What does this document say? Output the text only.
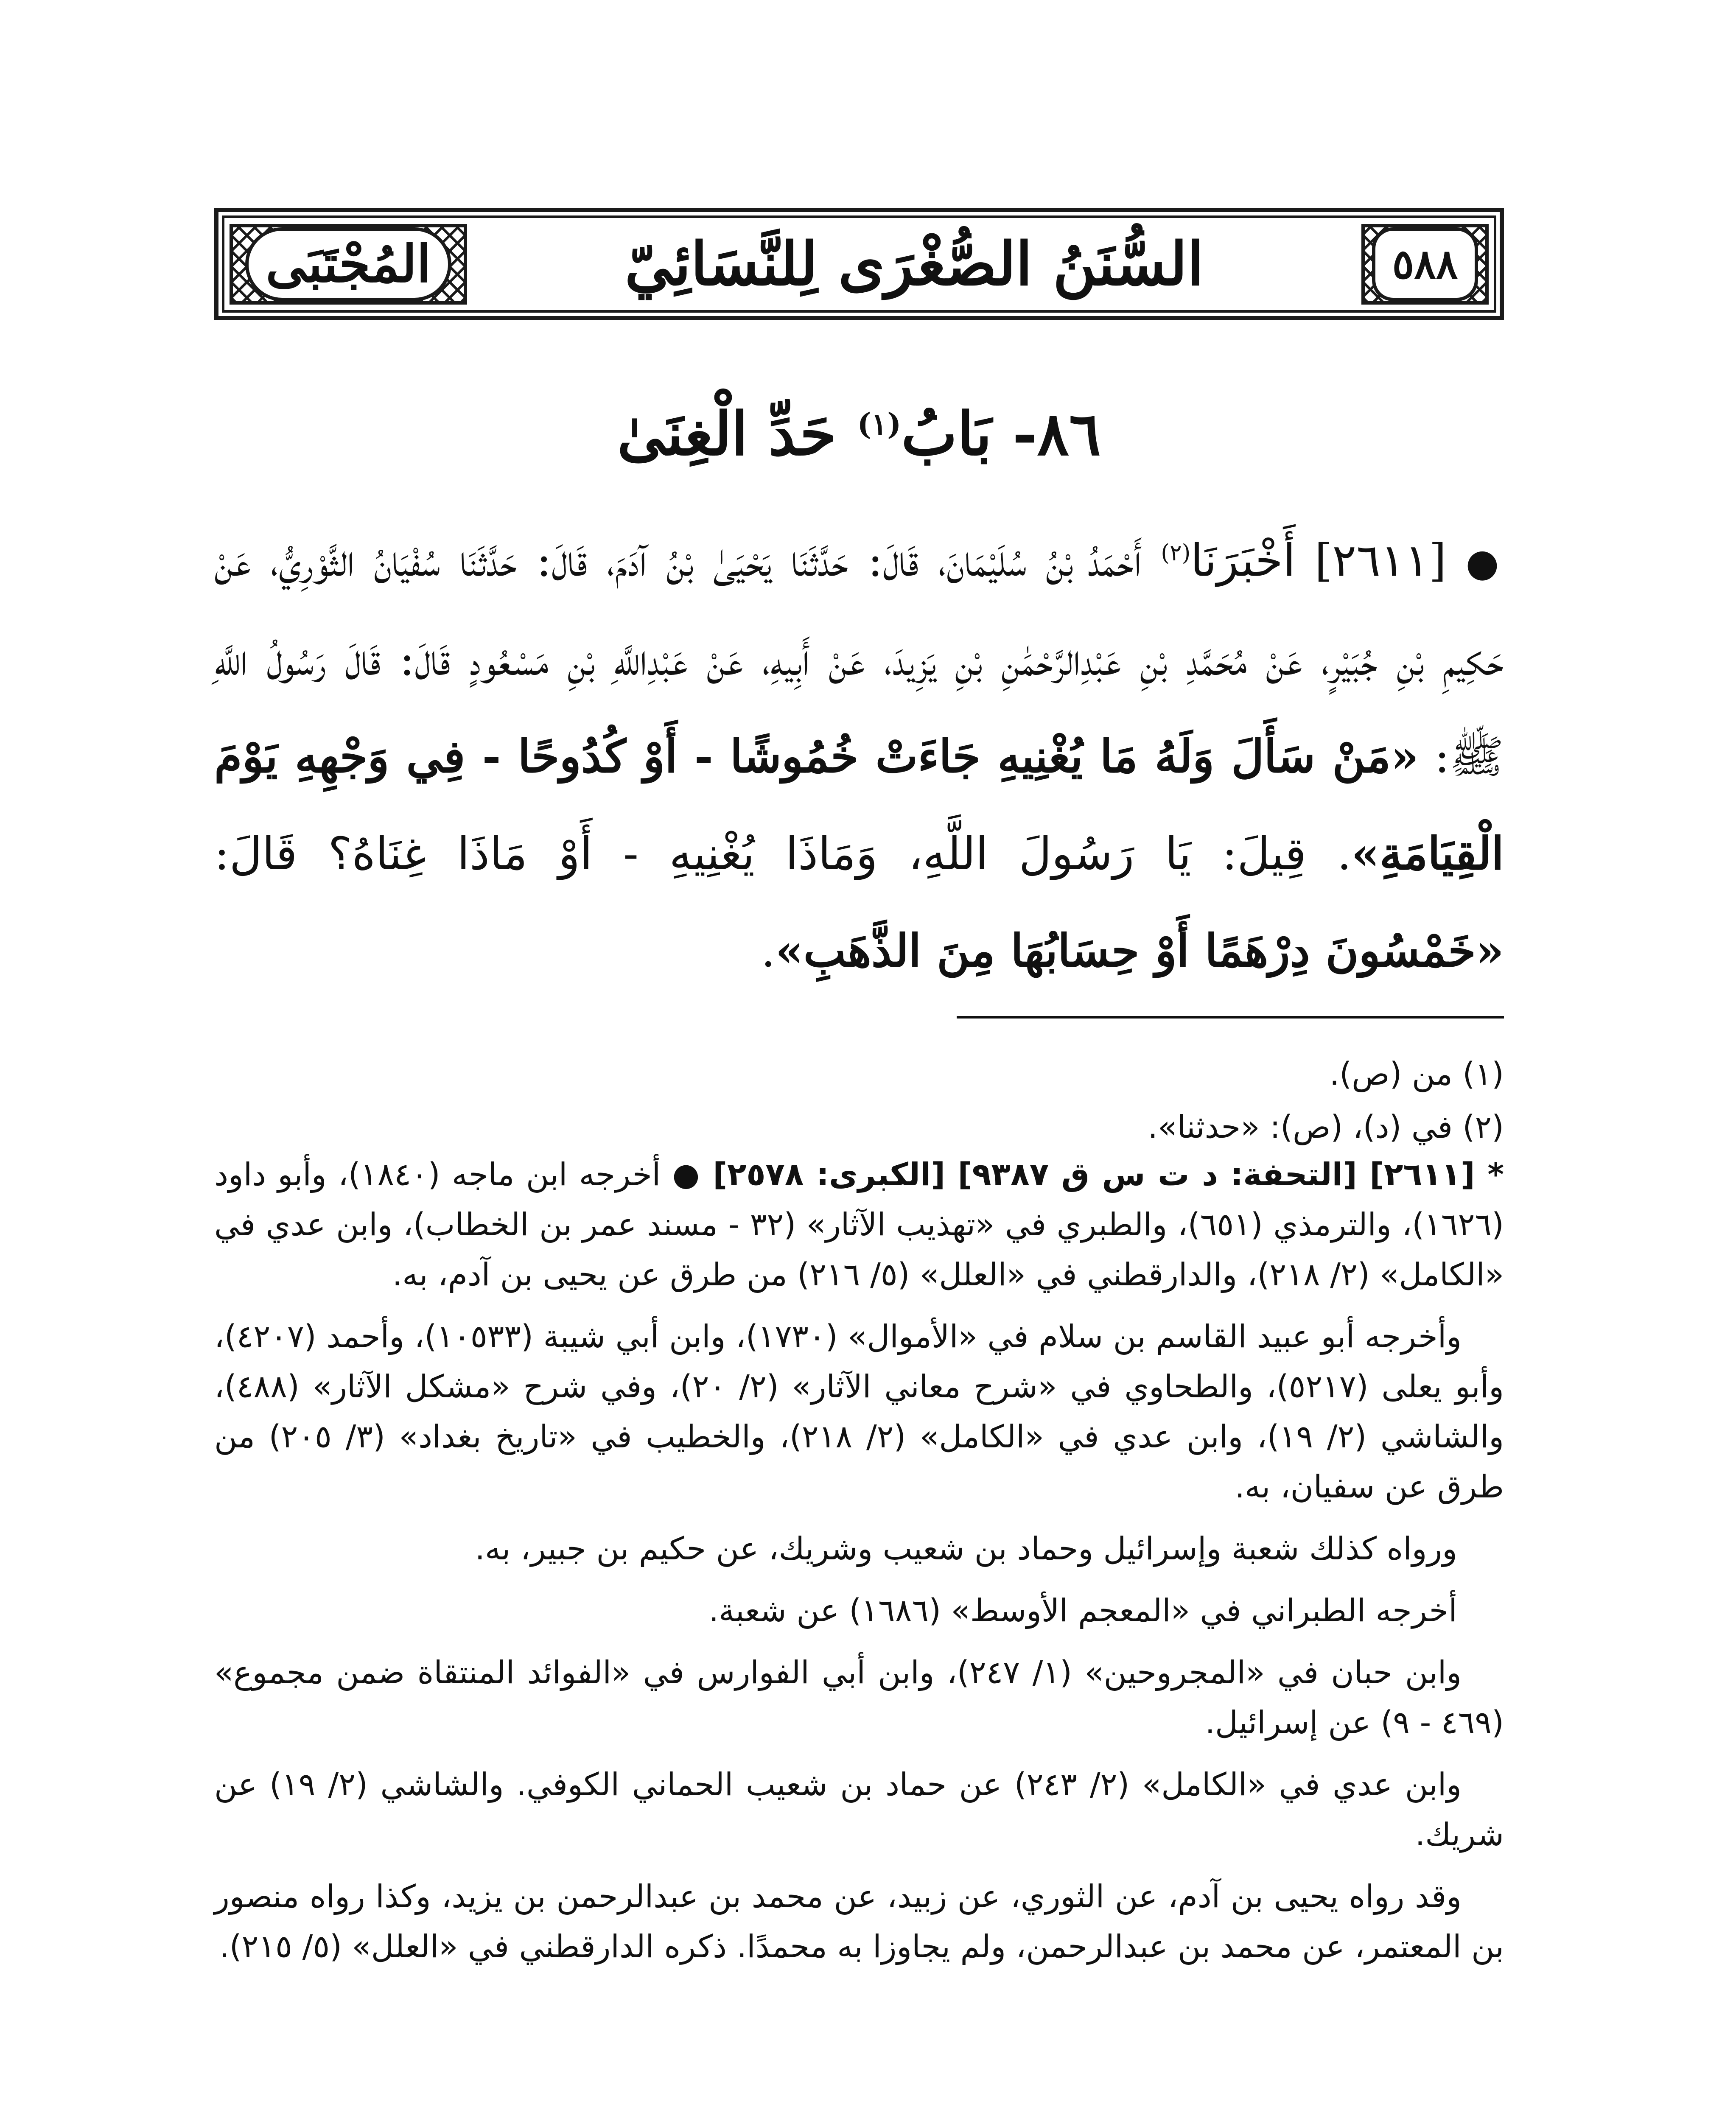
المُجْتَبَى	السُّنَنُ الصُّغْرَى لِلنَّسَائِيّ	٥٨٨
٨٦- بَابُ$^{(١)}$ حَدِّ الْغِنَىٰ
● [٢٦١١] أَخْبَرَنَا$^{(٢)}$ أَحْمَدُ بْنُ سُلَيْمَانَ، قَالَ: حَدَّثَنَا يَحْيَىٰ بْنُ آدَمَ، قَالَ: حَدَّثَنَا سُفْيَانُ الثَّوْرِيُّ، عَنْ حَكِيمِ بْنِ جُبَيْرٍ، عَنْ مُحَمَّدِ بْنِ عَبْدِالرَّحْمَٰنِ بْنِ يَزِيدَ، عَنْ أَبِيهِ، عَنْ عَبْدِاللَّهِ بْنِ مَسْعُودٍ قَالَ: قَالَ رَسُولُ اللَّهِ ﷺ: «مَنْ سَأَلَ وَلَهُ مَا يُغْنِيهِ جَاءَتْ خُمُوشًا - أَوْ كُدُوحًا - فِي وَجْهِهِ يَوْمَ الْقِيَامَةِ». قِيلَ: يَا رَسُولَ اللَّهِ، وَمَاذَا يُغْنِيهِ - أَوْ مَاذَا غِنَاهُ؟ قَالَ: «خَمْسُونَ دِرْهَمًا أَوْ حِسَابُهَا مِنَ الذَّهَبِ».

(١) من (ص).

(٢) في (د)، (ص): «حدثنا».

* [٢٦١١] [التحفة: د ت س ق ٩٣٨٧] [الكبرى: ٢٥٧٨] ● أخرجه ابن ماجه (١٨٤٠)، وأبو داود (١٦٢٦)، والترمذي (٦٥١)، والطبري في «تهذيب الآثار» (٣٢ - مسند عمر بن الخطاب)، وابن عدي في «الكامل» (٢/ ٢١٨)، والدارقطني في «العلل» (٥/ ٢١٦) من طرق عن يحيى بن آدم، به.

وأخرجه أبو عبيد القاسم بن سلام في «الأموال» (١٧٣٠)، وابن أبي شيبة (١٠٥٣٣)، وأحمد (٤٢٠٧)، وأبو يعلى (٥٢١٧)، والطحاوي في «شرح معاني الآثار» (٢/ ٢٠)، وفي شرح «مشكل الآثار» (٤٨٨)، والشاشي (٢/ ١٩)، وابن عدي في «الكامل» (٢/ ٢١٨)، والخطيب في «تاريخ بغداد» (٣/ ٢٠٥) من طرق عن سفيان، به.

ورواه كذلك شعبة وإسرائيل وحماد بن شعيب وشريك، عن حكيم بن جبير، به.

أخرجه الطبراني في «المعجم الأوسط» (١٦٨٦) عن شعبة.

وابن حبان في «المجروحين» (١/ ٢٤٧)، وابن أبي الفوارس في «الفوائد المنتقاة ضمن مجموع» (٤٦٩ - ٩) عن إسرائيل.

وابن عدي في «الكامل» (٢/ ٢٤٣) عن حماد بن شعيب الحماني الكوفي. والشاشي (٢/ ١٩) عن شريك.

وقد رواه يحيى بن آدم، عن الثوري، عن زبيد، عن محمد بن عبدالرحمن بن يزيد، وكذا رواه منصور بن المعتمر، عن محمد بن عبدالرحمن، ولم يجاوزا به محمدًا. ذكره الدارقطني في «العلل» (٥/ ٢١٥).
